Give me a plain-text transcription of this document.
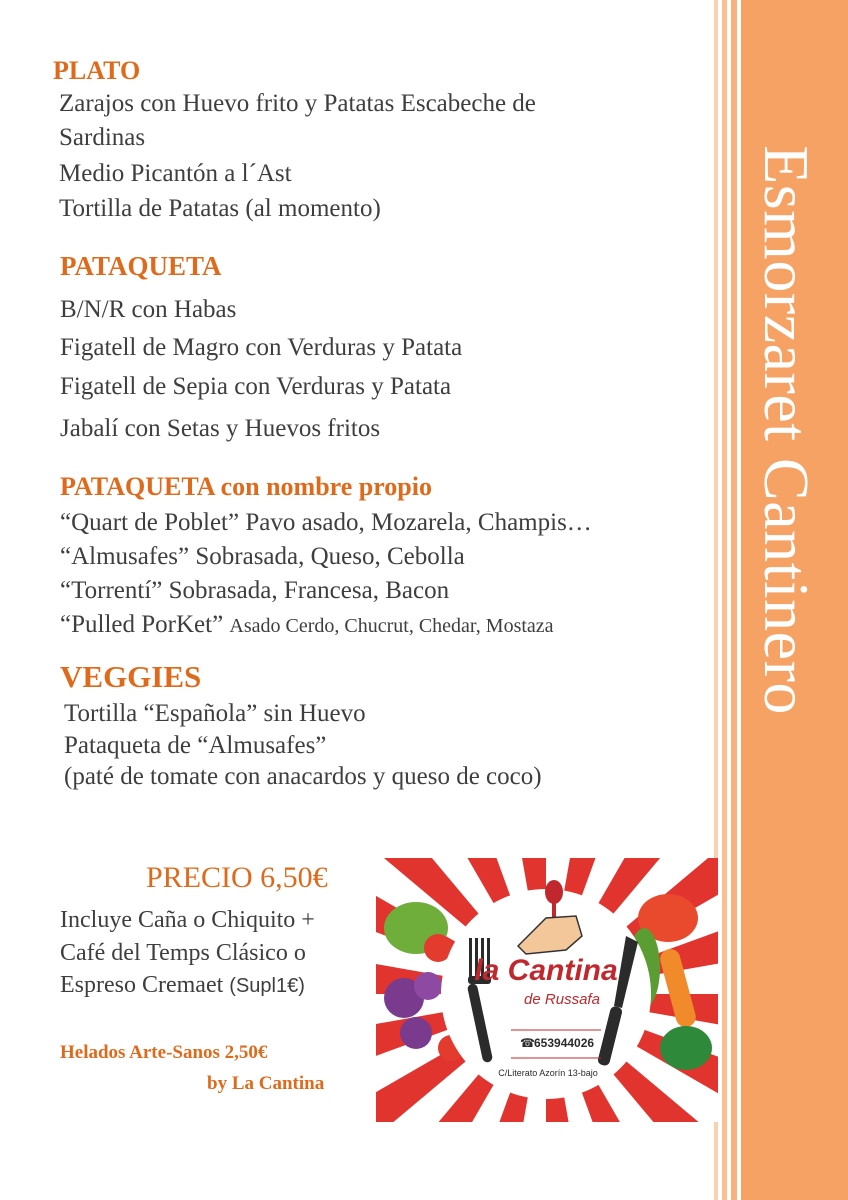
Esmorzaret Cantinero
PLATO
Zarajos con Huevo frito y Patatas Escabeche de
Sardinas
Medio Picantón a l´Ast
Tortilla de Patatas (al momento)
PATAQUETA
B/N/R con Habas
Figatell de Magro con Verduras y Patata
Figatell de Sepia con Verduras y Patata
Jabalí con Setas y Huevos fritos
PATAQUETA con nombre propio
“Quart de Poblet” Pavo asado, Mozarela, Champis…
“Almusafes” Sobrasada, Queso, Cebolla
“Torrentí” Sobrasada, Francesa, Bacon
“Pulled PorKet” Asado Cerdo, Chucrut, Chedar, Mostaza
VEGGIES
Tortilla “Española” sin Huevo
Pataqueta de “Almusafes”
(paté de tomate con anacardos y queso de coco)
PRECIO 6,50€
Incluye Caña o Chiquito +
Café del Temps Clásico o
Espreso Cremaet (Supl1€)
Helados Arte-Sanos 2,50€
by La Cantina
la Cantina
de Russafa
☎ 653944026
C/Literato Azorín 13-bajo
